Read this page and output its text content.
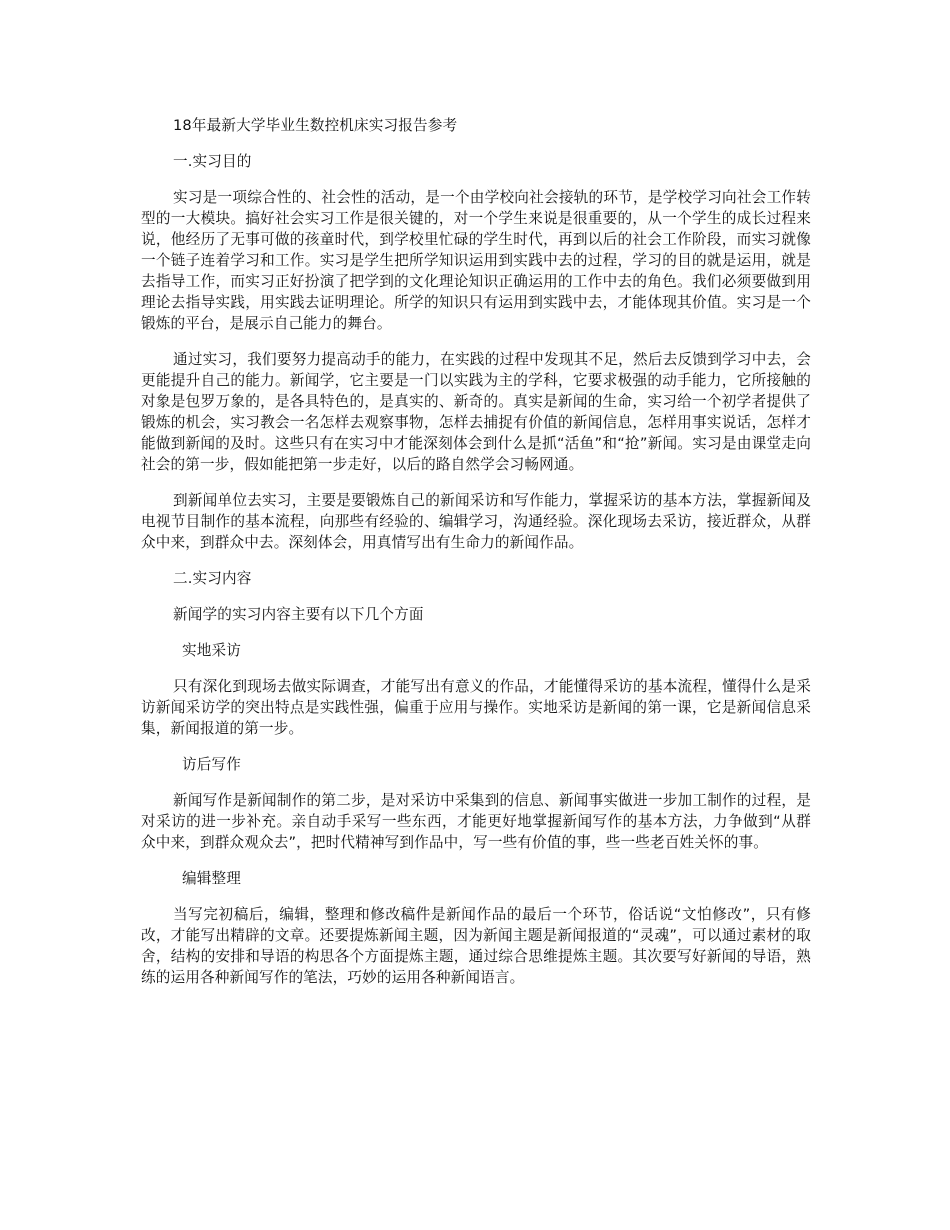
18年最新大学毕业生数控机床实习报告参考

一.实习目的

实习是一项综合性的、社会性的活动，是一个由学校向社会接轨的环节，是学校学习向社会工作转型的一大模块。搞好社会实习工作是很关键的，对一个学生来说是很重要的，从一个学生的成长过程来说，他经历了无事可做的孩童时代，到学校里忙碌的学生时代，再到以后的社会工作阶段，而实习就像一个链子连着学习和工作。实习是学生把所学知识运用到实践中去的过程，学习的目的就是运用，就是去指导工作，而实习正好扮演了把学到的文化理论知识正确运用的工作中去的角色。我们必须要做到用理论去指导实践，用实践去证明理论。所学的知识只有运用到实践中去，才能体现其价值。实习是一个锻炼的平台，是展示自己能力的舞台。

通过实习，我们要努力提高动手的能力，在实践的过程中发现其不足，然后去反馈到学习中去，会更能提升自己的能力。新闻学，它主要是一门以实践为主的学科，它要求极强的动手能力，它所接触的对象是包罗万象的，是各具特色的，是真实的、新奇的。真实是新闻的生命，实习给一个初学者提供了锻炼的机会，实习教会一名怎样去观察事物，怎样去捕捉有价值的新闻信息，怎样用事实说话，怎样才能做到新闻的及时。这些只有在实习中才能深刻体会到什么是抓“活鱼”和“抢”新闻。实习是由课堂走向社会的第一步，假如能把第一步走好，以后的路自然学会习畅网通。

到新闻单位去实习，主要是要锻炼自己的新闻采访和写作能力，掌握采访的基本方法，掌握新闻及电视节目制作的基本流程，向那些有经验的、编辑学习，沟通经验。深化现场去采访，接近群众，从群众中来，到群众中去。深刻体会，用真情写出有生命力的新闻作品。

二.实习内容

新闻学的实习内容主要有以下几个方面

实地采访

只有深化到现场去做实际调查，才能写出有意义的作品，才能懂得采访的基本流程，懂得什么是采访新闻采访学的突出特点是实践性强，偏重于应用与操作。实地采访是新闻的第一课，它是新闻信息采集，新闻报道的第一步。

访后写作

新闻写作是新闻制作的第二步，是对采访中采集到的信息、新闻事实做进一步加工制作的过程，是对采访的进一步补充。亲自动手采写一些东西，才能更好地掌握新闻写作的基本方法，力争做到“从群众中来，到群众观众去”，把时代精神写到作品中，写一些有价值的事，些一些老百姓关怀的事。

编辑整理

当写完初稿后，编辑，整理和修改稿件是新闻作品的最后一个环节，俗话说“文怕修改”，只有修改，才能写出精辟的文章。还要提炼新闻主题，因为新闻主题是新闻报道的“灵魂”，可以通过素材的取舍，结构的安排和导语的构思各个方面提炼主题，通过综合思维提炼主题。其次要写好新闻的导语，熟练的运用各种新闻写作的笔法，巧妙的运用各种新闻语言。
